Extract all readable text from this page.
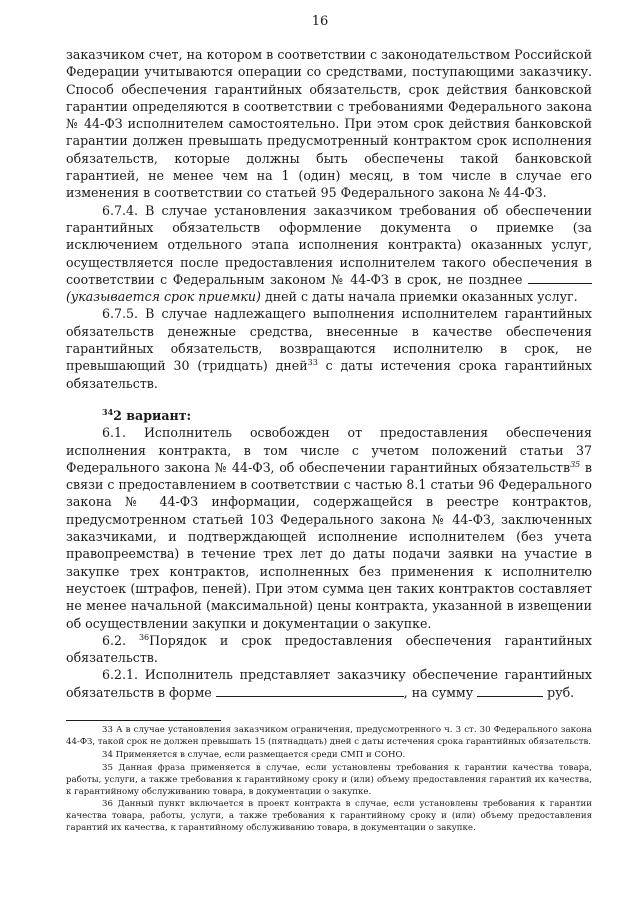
16

заказчиком счет, на котором в соответствии с законодательством Российской Федерации учитываются операции со средствами, поступающими заказчику. Способ обеспечения гарантийных обязательств, срок действия банковской гарантии определяются в соответствии с требованиями Федерального закона № 44-ФЗ исполнителем самостоятельно. При этом срок действия банковской гарантии должен превышать предусмотренный контрактом срок исполнения обязательств, которые должны быть обеспечены такой банковской гарантией, не менее чем на 1 (один) месяц, в том числе в случае его изменения в соответствии со статьей 95 Федерального закона № 44-ФЗ.

6.7.4. В случае установления заказчиком требования об обеспечении гарантийных обязательств оформление документа о приемке (за исключением отдельного этапа исполнения контракта) оказанных услуг, осуществляется после предоставления исполнителем такого обеспечения в соответствии с Федеральным законом № 44-ФЗ в срок, не позднее  (указывается срок приемки) дней с даты начала приемки оказанных услуг.

6.7.5. В случае надлежащего выполнения исполнителем гарантийных обязательств денежные средства, внесенные в качестве обеспечения гарантийных обязательств, возвращаются исполнителю в срок, не превышающий 30 (тридцать) дней$^{33}$ с даты истечения срока гарантийных обязательств.

$^{34}$2 вариант:

6.1. Исполнитель освобожден от предоставления обеспечения исполнения контракта, в том числе с учетом положений статьи 37 Федерального закона № 44-ФЗ, об обеспечении гарантийных обязательств$^{35}$ в связи с предоставлением в соответствии с частью 8.1 статьи 96 Федерального закона № 44-ФЗ информации, содержащейся в реестре контрактов, предусмотренном статьей 103 Федерального закона № 44-ФЗ, заключенных заказчиками, и подтверждающей исполнение исполнителем (без учета правопреемства) в течение трех лет до даты подачи заявки на участие в закупке трех контрактов, исполненных без применения к исполнителю неустоек (штрафов, пеней). При этом сумма цен таких контрактов составляет не менее начальной (максимальной) цены контракта, указанной в извещении об осуществлении закупки и документации о закупке.

6.2. $^{36}$Порядок и срок предоставления обеспечения гарантийных обязательств.

6.2.1. Исполнитель представляет заказчику обеспечение гарантийных обязательств в форме	, на сумму	руб.

33 А в случае установления заказчиком ограничения, предусмотренного ч. 3 ст. 30 Федерального закона 44-ФЗ, такой срок не должен превышать 15 (пятнадцать) дней с даты истечения срока гарантийных обязательств.

34 Применяется в случае, если размещается среди СМП и СОНО.

35 Данная фраза применяется в случае, если установлены требования к гарантии качества товара, работы, услуги, а также требования к гарантийному сроку и (или) объему предоставления гарантий их качества, к гарантийному обслуживанию товара, в документации о закупке.

36 Данный пункт включается в проект контракта в случае, если установлены требования к гарантии качества товара, работы, услуги, а также требования к гарантийному сроку и (или) объему предоставления гарантий их качества, к гарантийному обслуживанию товара, в документации о закупке.
